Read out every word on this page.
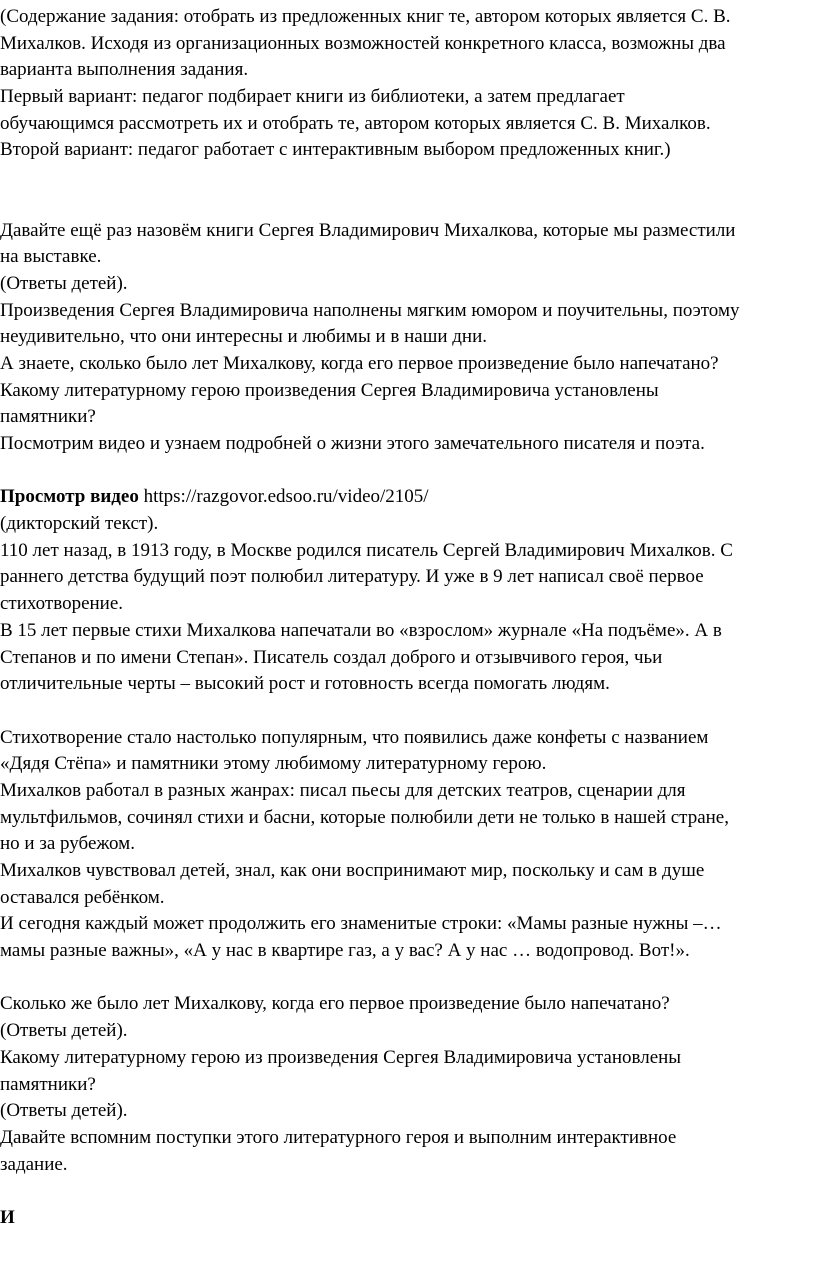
(Содержание задания: отобрать из предложенных книг те, автором которых является С. В.
Михалков. Исходя из организационных возможностей конкретного класса, возможны два
варианта выполнения задания.
Первый вариант: педагог подбирает книги из библиотеки, а затем предлагает
обучающимся рассмотреть их и отобрать те, автором которых является С. В. Михалков.
Второй вариант: педагог работает с интерактивным выбором предложенных книг.)
Давайте ещё раз назовём книги Сергея Владимирович Михалкова, которые мы разместили
на выставке.
(Ответы детей).
Произведения Сергея Владимировича наполнены мягким юмором и поучительны, поэтому
неудивительно, что они интересны и любимы и в наши дни.
А знаете, сколько было лет Михалкову, когда его первое произведение было напечатано?
Какому литературному герою произведения Сергея Владимировича установлены
памятники?
Посмотрим видео и узнаем подробней о жизни этого замечательного писателя и поэта.
Просмотр видео https://razgovor.edsoo.ru/video/2105/
(дикторский текст).
110 лет назад, в 1913 году, в Москве родился писатель Сергей Владимирович Михалков. С
раннего детства будущий поэт полюбил литературу. И уже в 9 лет написал своё первое
стихотворение.
В 15 лет первые стихи Михалкова напечатали во «взрослом» журнале «На подъёме». А в
Степанов и по имени Степан». Писатель создал доброго и отзывчивого героя, чьи
отличительные черты – высокий рост и готовность всегда помогать людям.
Стихотворение стало настолько популярным, что появились даже конфеты с названием
«Дядя Стёпа» и памятники этому любимому литературному герою.
Михалков работал в разных жанрах: писал пьесы для детских театров, сценарии для
мультфильмов, сочинял стихи и басни, которые полюбили дети не только в нашей стране,
но и за рубежом.
Михалков чувствовал детей, знал, как они воспринимают мир, поскольку и сам в душе
оставался ребёнком.
И сегодня каждый может продолжить его знаменитые строки: «Мамы разные нужны –…
мамы разные важны», «А у нас в квартире газ, а у вас? А у нас … водопровод. Вот!».
Сколько же было лет Михалкову, когда его первое произведение было напечатано?
(Ответы детей).
Какому литературному герою из произведения Сергея Владимировича установлены
памятники?
(Ответы детей).
Давайте вспомним поступки этого литературного героя и выполним интерактивное
задание.
И
